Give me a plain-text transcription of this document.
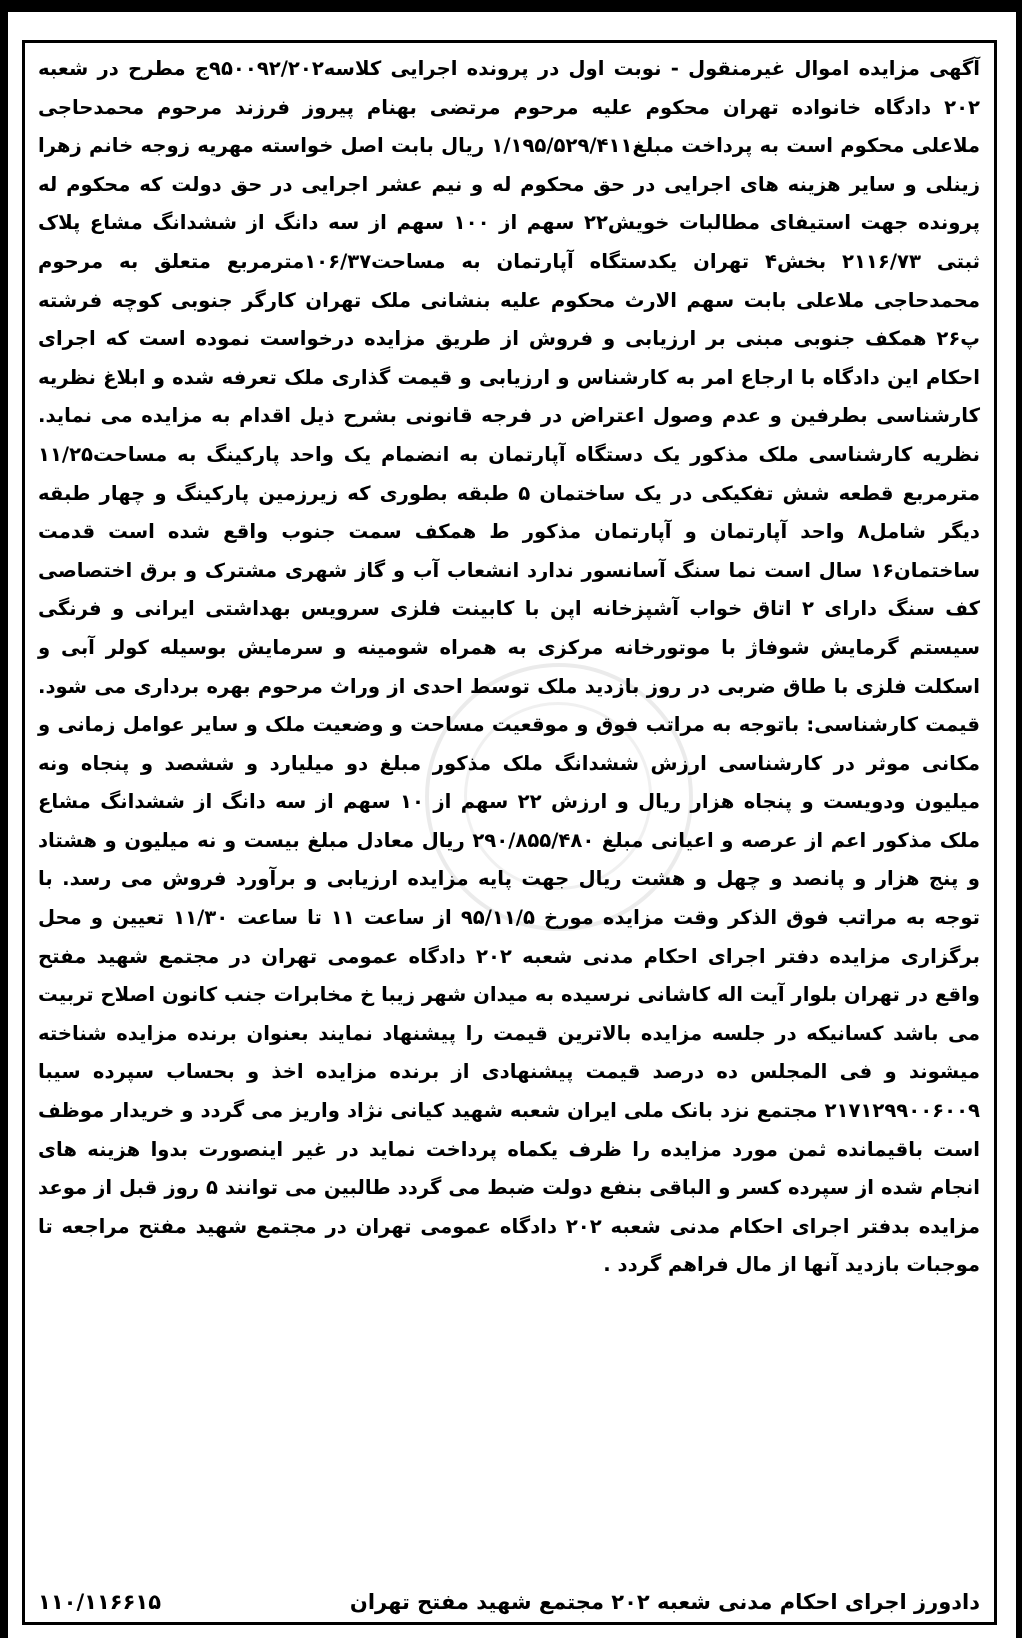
آگهی مزایده اموال غیرمنقول - نوبت اول در پرونده اجرایی کلاسه۹۵۰۰۹۲/۲۰۲ج مطرح در شعبه ۲۰۲ دادگاه خانواده تهران محکوم علیه مرحوم مرتضی بهنام پیروز فرزند مرحوم محمدحاجی ملاعلی محکوم است به پرداخت مبلغ۱/۱۹۵/۵۲۹/۴۱۱ ریال بابت اصل خواسته مهریه زوجه خانم زهرا زینلی و سایر هزینه های اجرایی در حق محکوم له و نیم عشر اجرایی در حق دولت که محکوم له پرونده جهت استیفای مطالبات خویش۲۲ سهم از ۱۰۰ سهم از سه دانگ از ششدانگ مشاع پلاک ثبتی ۲۱۱۶/۷۳ بخش۴ تهران یکدستگاه آپارتمان به مساحت۱۰۶/۳۷مترمربع متعلق به مرحوم محمدحاجی ملاعلی بابت سهم الارث محکوم علیه بنشانی ملک تهران کارگر جنوبی کوچه فرشته پ۲۶ همکف جنوبی مبنی بر ارزیابی و فروش از طریق مزایده درخواست نموده است که اجرای احکام این دادگاه با ارجاع امر به کارشناس و ارزیابی و قیمت گذاری ملک تعرفه شده و ابلاغ نظریه کارشناسی بطرفین و عدم وصول اعتراض در فرجه قانونی بشرح ذیل اقدام به مزایده می نماید. نظریه کارشناسی ملک مذکور یک دستگاه آپارتمان به انضمام یک واحد پارکینگ به مساحت۱۱/۲۵ مترمربع قطعه شش تفکیکی در یک ساختمان ۵ طبقه بطوری که زیرزمین پارکینگ و چهار طبقه دیگر شامل۸ واحد آپارتمان و آپارتمان مذکور ط همکف سمت جنوب واقع شده است قدمت ساختمان۱۶ سال است نما سنگ آسانسور ندارد انشعاب آب و گاز شهری مشترک و برق اختصاصی کف سنگ دارای ۲ اتاق خواب آشپزخانه اپن با کابینت فلزی سرویس بهداشتی ایرانی و فرنگی سیستم گرمایش شوفاژ با موتورخانه مرکزی به همراه شومینه و سرمایش بوسیله کولر آبی و اسکلت فلزی با طاق ضربی در روز بازدید ملک توسط احدی از وراث مرحوم بهره برداری می شود. قیمت کارشناسی: باتوجه به مراتب فوق و موقعیت مساحت و وضعیت ملک و سایر عوامل زمانی و مکانی موثر در کارشناسی ارزش ششدانگ ملک مذکور مبلغ دو میلیارد و ششصد و پنجاه ونه میلیون ودویست و پنجاه هزار ریال و ارزش ۲۲ سهم از ۱۰ سهم از سه دانگ از ششدانگ مشاع ملک مذکور اعم از عرصه و اعیانی مبلغ ۲۹۰/۸۵۵/۴۸۰ ریال معادل مبلغ بیست و نه میلیون و هشتاد و پنج هزار و پانصد و چهل و هشت ریال جهت پایه مزایده ارزیابی و برآورد فروش می رسد. با توجه به مراتب فوق الذکر وقت مزایده مورخ ۹۵/۱۱/۵ از ساعت ۱۱ تا ساعت ۱۱/۳۰ تعیین و محل برگزاری مزایده دفتر اجرای احکام مدنی شعبه ۲۰۲ دادگاه عمومی تهران در مجتمع شهید مفتح واقع در تهران بلوار آیت اله کاشانی نرسیده به میدان شهر زیبا خ مخابرات جنب کانون اصلاح تربیت می باشد کسانیکه در جلسه مزایده بالاترین قیمت را پیشنهاد نمایند بعنوان برنده مزایده شناخته میشوند و فی المجلس ده درصد قیمت پیشنهادی از برنده مزایده اخذ و بحساب سپرده سیبا ۲۱۷۱۲۹۹۰۰۶۰۰۹ مجتمع نزد بانک ملی ایران شعبه شهید کیانی نژاد واریز می گردد و خریدار موظف است باقیمانده ثمن مورد مزایده را ظرف یکماه پرداخت نماید در غیر اینصورت بدوا هزینه های انجام شده از سپرده کسر و الباقی بنفع دولت ضبط می گردد طالبین می توانند ۵ روز قبل از موعد مزایده بدفتر اجرای احکام مدنی شعبه ۲۰۲ دادگاه عمومی تهران در مجتمع شهید مفتح مراجعه تا موجبات بازدید آنها از مال فراهم گردد .

دادورز اجرای احکام مدنی شعبه ۲۰۲ مجتمع شهید مفتح تهران
۱۱۰/۱۱۶۶۱۵
